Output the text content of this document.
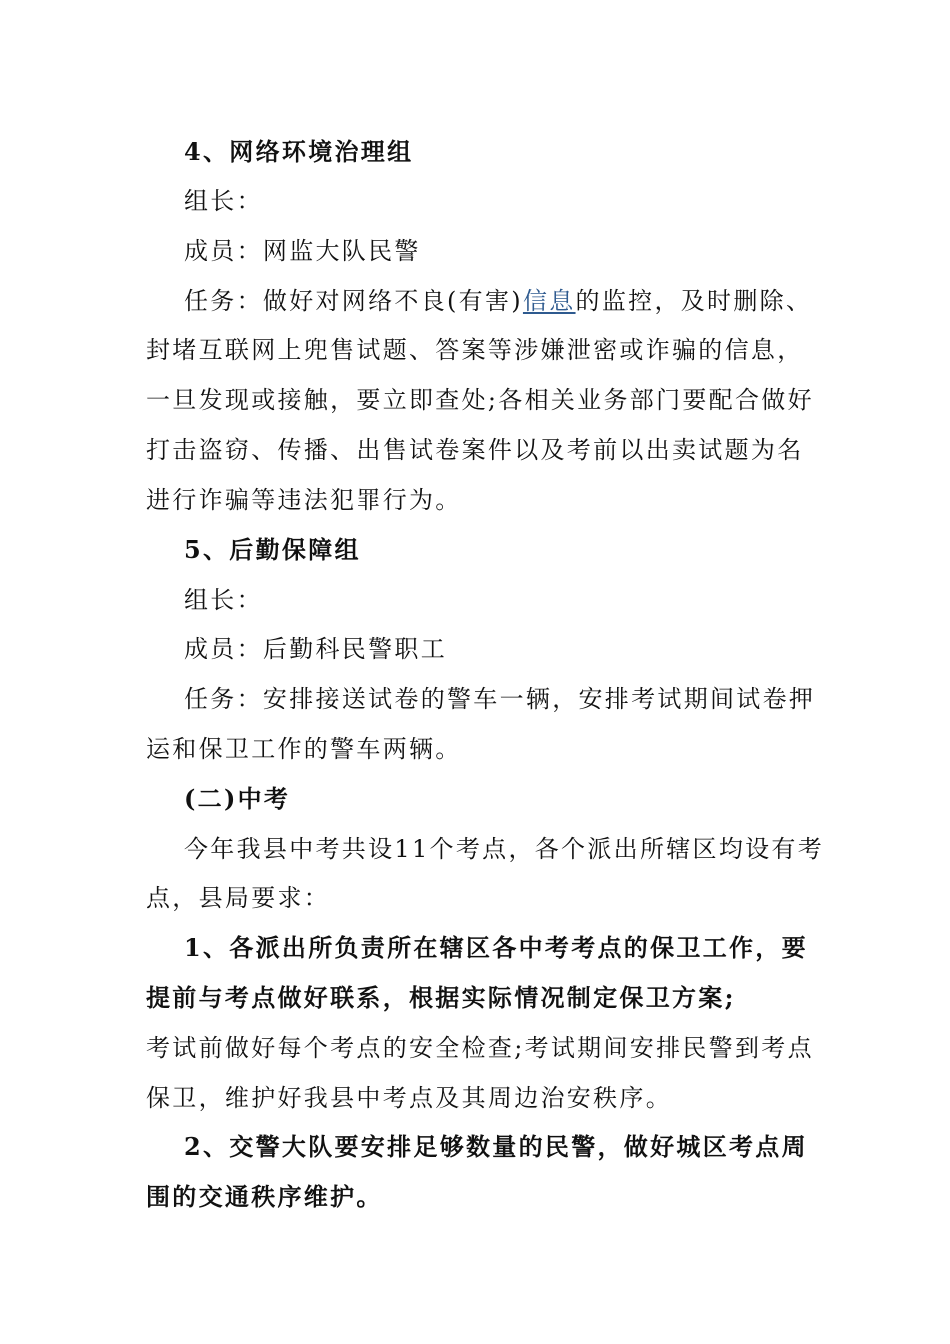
4、网络环境治理组
组长：
成员：网监大队民警
任务：做好对网络不良(有害)信息的监控，及时删除、
封堵互联网上兜售试题、答案等涉嫌泄密或诈骗的信息，
一旦发现或接触，要立即查处;各相关业务部门要配合做好
打击盗窃、传播、出售试卷案件以及考前以出卖试题为名
进行诈骗等违法犯罪行为。
5、后勤保障组
组长：
成员：后勤科民警职工
任务：安排接送试卷的警车一辆，安排考试期间试卷押
运和保卫工作的警车两辆。
(二)中考
今年我县中考共设11个考点，各个派出所辖区均设有考
点，县局要求：
1、各派出所负责所在辖区各中考考点的保卫工作，要
提前与考点做好联系，根据实际情况制定保卫方案;
考试前做好每个考点的安全检查;考试期间安排民警到考点
保卫，维护好我县中考点及其周边治安秩序。
2、交警大队要安排足够数量的民警，做好城区考点周
围的交通秩序维护。
